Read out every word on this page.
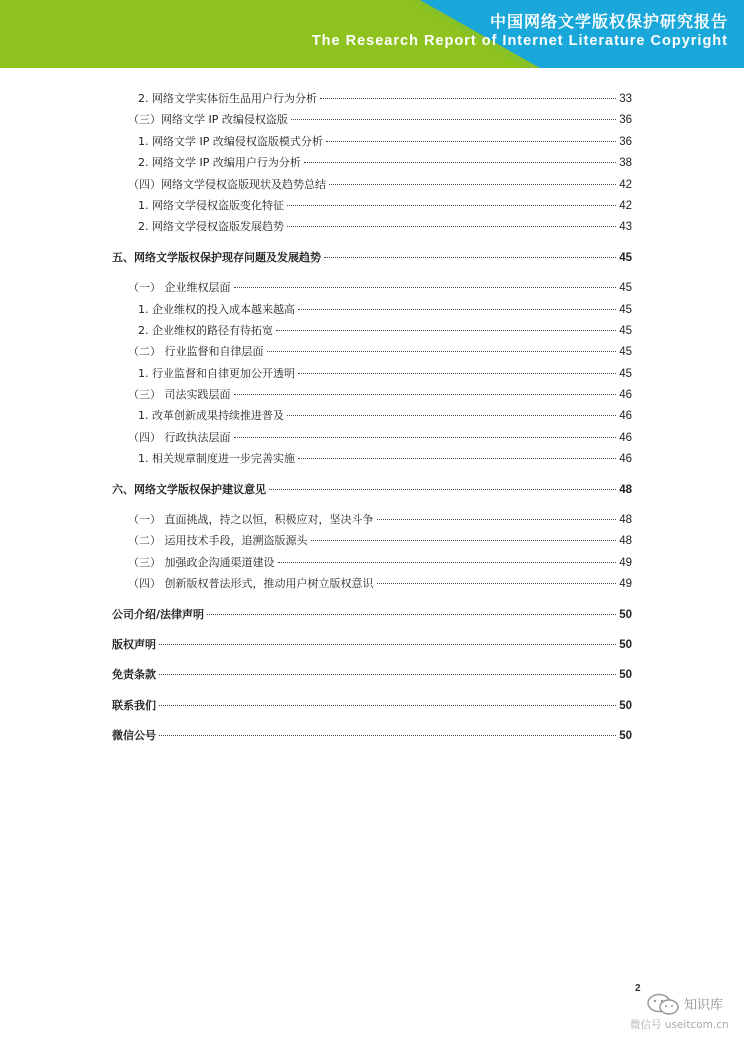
中国网络文学版权保护研究报告
The Research Report of Internet Literature Copyright
2. 网络文学实体衍生品用户行为分析	33
（三）网络文学 IP 改编侵权盗版	36
1. 网络文学 IP 改编侵权盗版模式分析	36
2. 网络文学 IP 改编用户行为分析	38
（四）网络文学侵权盗版现状及趋势总结	42
1. 网络文学侵权盗版变化特征	42
2. 网络文学侵权盗版发展趋势	43
五、网络文学版权保护现存问题及发展趋势	45
（一） 企业维权层面	45
1. 企业维权的投入成本越来越高	45
2. 企业维权的路径有待拓宽	45
（二） 行业监督和自律层面	45
1. 行业监督和自律更加公开透明	45
（三） 司法实践层面	46
1. 改革创新成果持续推进普及	46
（四） 行政执法层面	46
1. 相关规章制度进一步完善实施	46
六、网络文学版权保护建议意见	48
（一） 直面挑战，持之以恒，积极应对，坚决斗争	48
（二） 运用技术手段，追溯盗版源头	48
（三） 加强政企沟通渠道建设	49
（四） 创新版权普法形式，推动用户树立版权意识	49
公司介绍/法律声明	50
版权声明	50
免责条款	50
联系我们	50
微信公号	50
2
知识库
微信号 useitcom.cn
